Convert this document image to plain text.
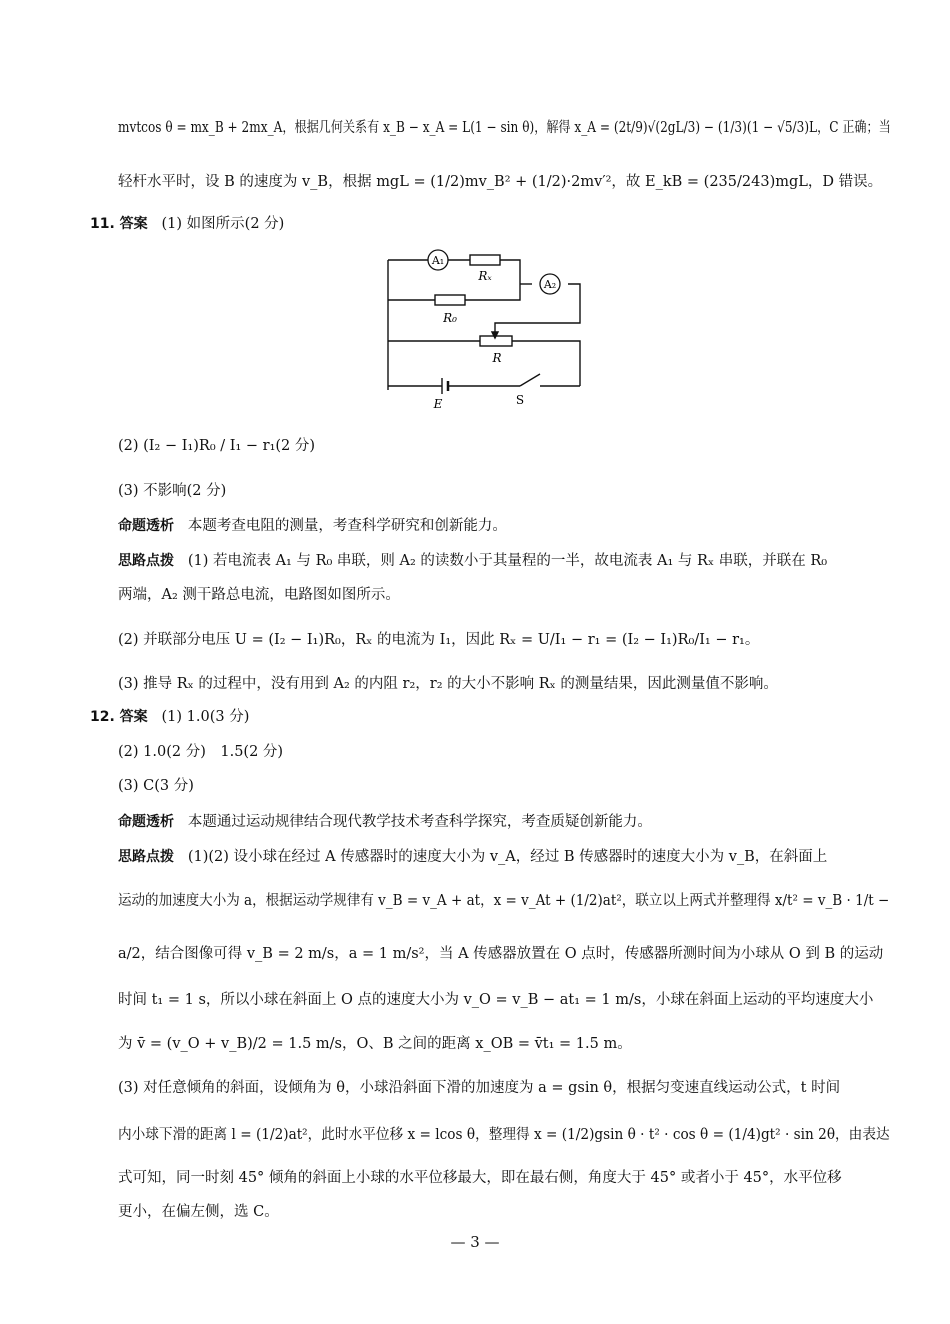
mvtcos θ = mx_B + 2mx_A，根据几何关系有 x_B − x_A = L(1 − sin θ)，解得 x_A = (2t/9)√(2gL/3) − (1/3)(1 − √5/3)L，C 正确；当
轻杆水平时，设 B 的速度为 v_B，根据 mgL = (1/2)mv_B² + (1/2)·2mv′²，故 E_kB = (235/243)mgL，D 错误。
11. 答案 (1) 如图所示(2 分)
A₁
A₂
Rₓ
R₀
R
E	S
(2) (I₂ − I₁)R₀ / I₁ − r₁(2 分)
(3) 不影响(2 分)
命题透析 本题考查电阻的测量，考查科学研究和创新能力。
思路点拨 (1) 若电流表 A₁ 与 R₀ 串联，则 A₂ 的读数小于其量程的一半，故电流表 A₁ 与 Rₓ 串联，并联在 R₀
两端，A₂ 测干路总电流，电路图如图所示。
(2) 并联部分电压 U = (I₂ − I₁)R₀，Rₓ 的电流为 I₁，因此 Rₓ = U/I₁ − r₁ = (I₂ − I₁)R₀/I₁ − r₁。
(3) 推导 Rₓ 的过程中，没有用到 A₂ 的内阻 r₂，r₂ 的大小不影响 Rₓ 的测量结果，因此测量值不影响。
12. 答案 (1) 1.0(3 分)
(2) 1.0(2 分)　1.5(2 分)
(3) C(3 分)
命题透析 本题通过运动规律结合现代教学技术考查科学探究，考查质疑创新能力。
思路点拨 (1)(2) 设小球在经过 A 传感器时的速度大小为 v_A，经过 B 传感器时的速度大小为 v_B，在斜面上
运动的加速度大小为 a，根据运动学规律有 v_B = v_A + at，x = v_At + (1/2)at²，联立以上两式并整理得 x/t² = v_B · 1/t −
a/2，结合图像可得 v_B = 2 m/s，a = 1 m/s²，当 A 传感器放置在 O 点时，传感器所测时间为小球从 O 到 B 的运动
时间 t₁ = 1 s，所以小球在斜面上 O 点的速度大小为 v_O = v_B − at₁ = 1 m/s，小球在斜面上运动的平均速度大小
为 v̄ = (v_O + v_B)/2 = 1.5 m/s，O、B 之间的距离 x_OB = v̄t₁ = 1.5 m。
(3) 对任意倾角的斜面，设倾角为 θ，小球沿斜面下滑的加速度为 a = gsin θ，根据匀变速直线运动公式，t 时间
内小球下滑的距离 l = (1/2)at²，此时水平位移 x = lcos θ，整理得 x = (1/2)gsin θ · t² · cos θ = (1/4)gt² · sin 2θ，由表达
式可知，同一时刻 45° 倾角的斜面上小球的水平位移最大，即在最右侧，角度大于 45° 或者小于 45°，水平位移
更小，在偏左侧，选 C。
— 3 —
